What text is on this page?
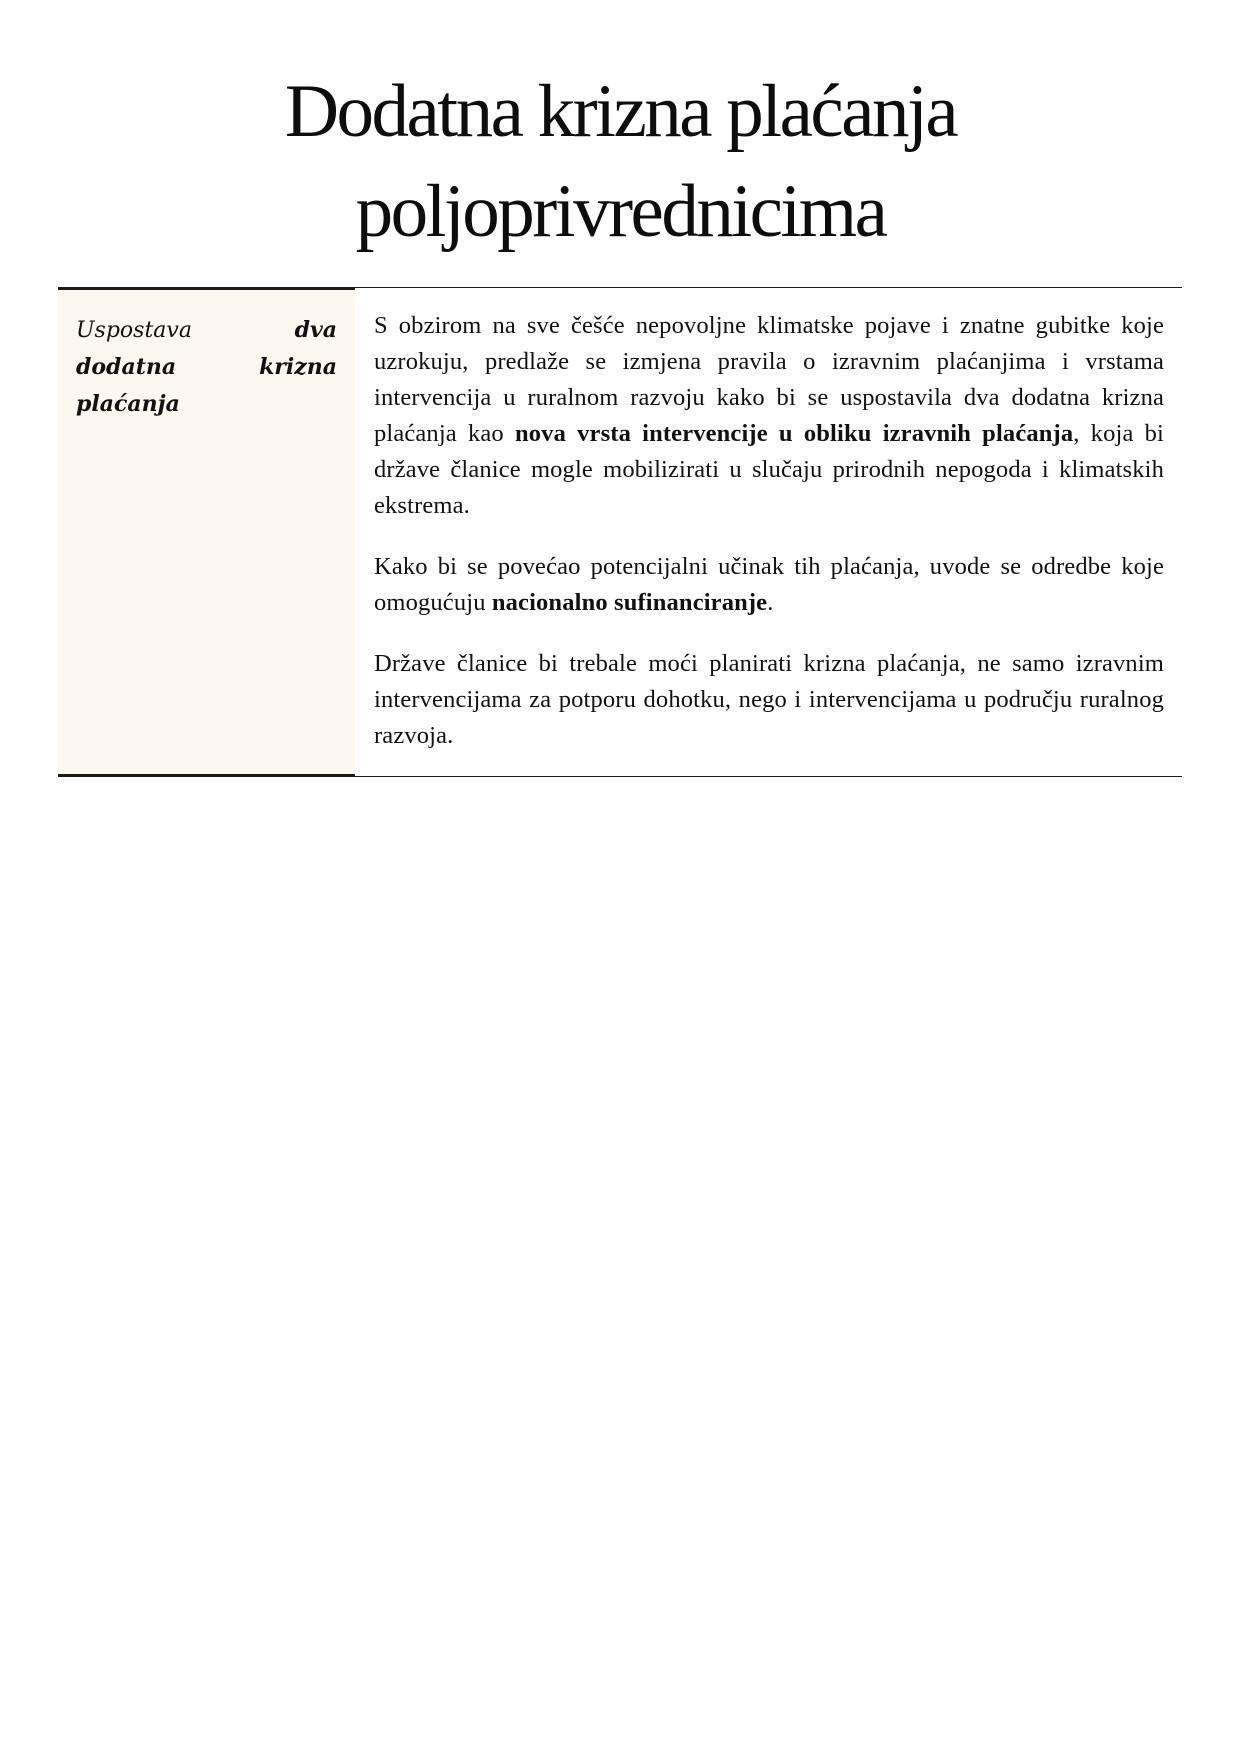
Dodatna krizna plaćanja
poljoprivrednicima

Uspostava	dva dodatna krizna plaćanja

S obzirom na sve češće nepovoljne klimatske pojave i znatne gubitke koje uzrokuju, predlaže se izmjena pravila o izravnim plaćanjima i vrstama intervencija u ruralnom razvoju kako bi se uspostavila dva dodatna krizna plaćanja kao nova vrsta intervencije u obliku izravnih plaćanja, koja bi države članice mogle mobilizirati u slučaju prirodnih nepogoda i klimatskih ekstrema.

Kako bi se povećao potencijalni učinak tih plaćanja, uvode se odredbe koje omogućuju nacionalno sufinanciranje.

Države članice bi trebale moći planirati krizna plaćanja, ne samo izravnim intervencijama za potporu dohotku, nego i intervencijama u području ruralnog razvoja.
